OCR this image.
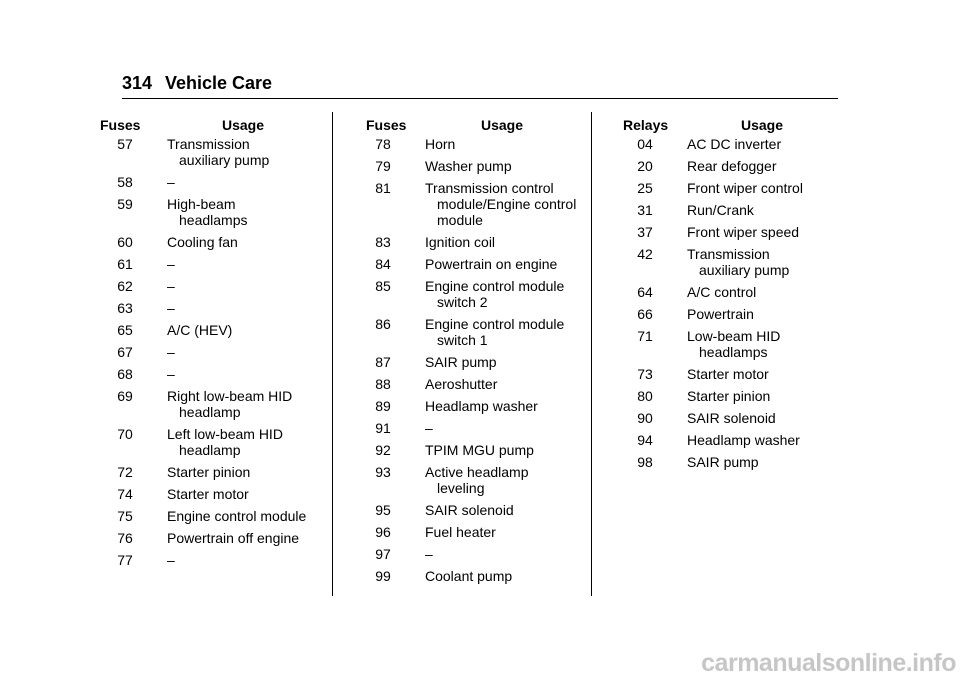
314 Vehicle Care
Fuses	Usage
57	Transmission
auxiliary pump
58	–
59	High-beam
headlamps
60	Cooling fan
61	–
62	–
63	–
65	A/C (HEV)
67	–
68	–
69	Right low-beam HID
headlamp
70	Left low-beam HID
headlamp
72	Starter pinion
74	Starter motor
75	Engine control module
76	Powertrain off engine
77	–
Fuses	Usage
78	Horn
79	Washer pump
81	Transmission control
module/Engine control
module
83	Ignition coil
84	Powertrain on engine
85	Engine control module
switch 2
86	Engine control module
switch 1
87	SAIR pump
88	Aeroshutter
89	Headlamp washer
91	–
92	TPIM MGU pump
93	Active headlamp
leveling
95	SAIR solenoid
96	Fuel heater
97	–
99	Coolant pump
Relays	Usage
04	AC DC inverter
20	Rear defogger
25	Front wiper control
31	Run/Crank
37	Front wiper speed
42	Transmission
auxiliary pump
64	A/C control
66	Powertrain
71	Low-beam HID
headlamps
73	Starter motor
80	Starter pinion
90	SAIR solenoid
94	Headlamp washer
98	SAIR pump
carmanualsonline.info
